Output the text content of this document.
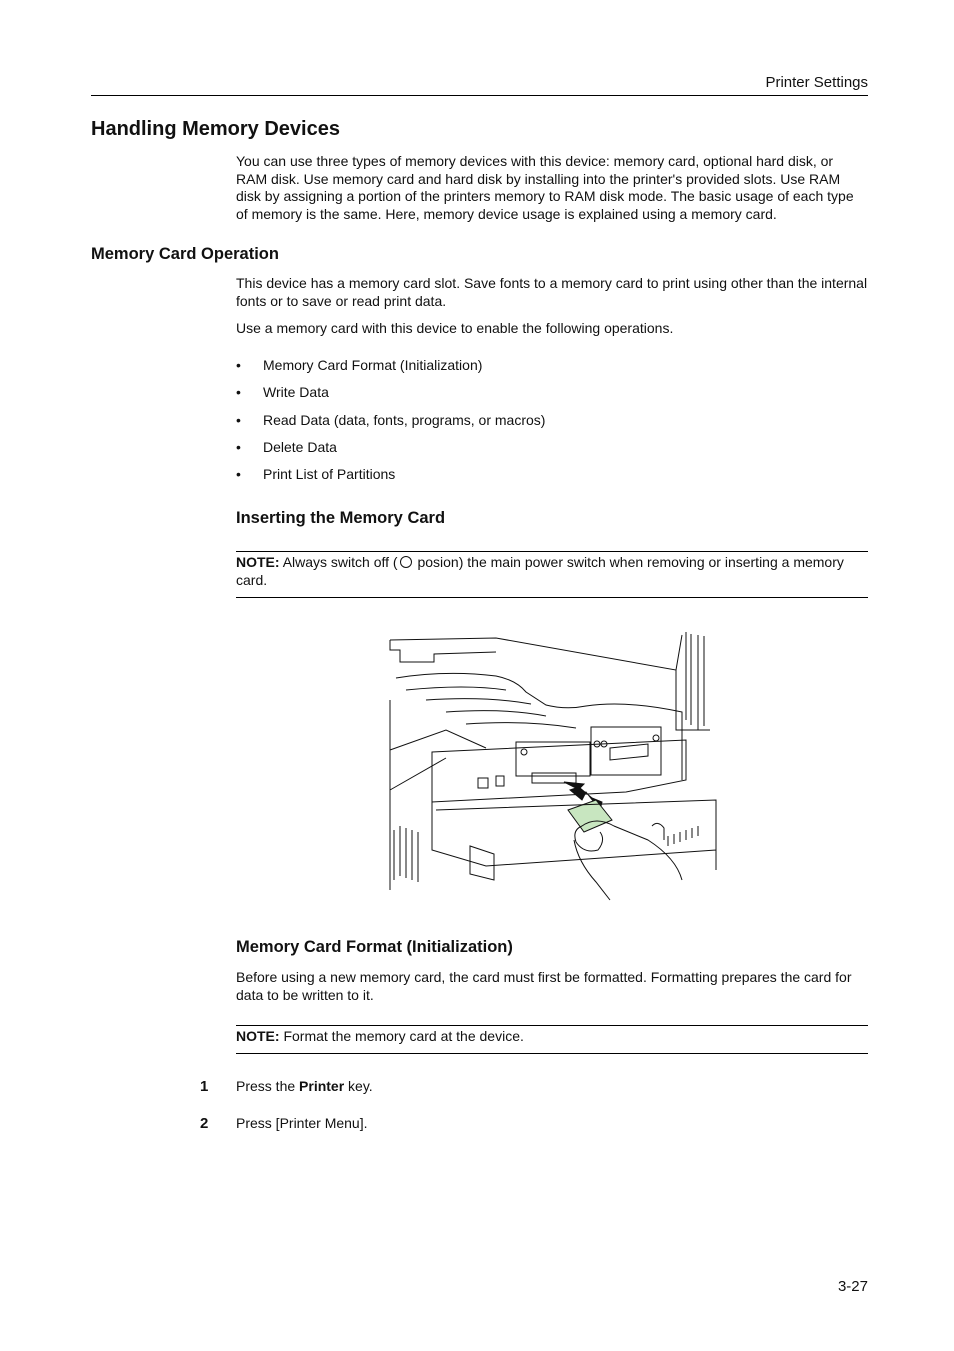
Printer Settings
Handling Memory Devices

You can use three types of memory devices with this device: memory card, optional hard disk, or RAM disk. Use memory card and hard disk by installing into the printer's provided slots. Use RAM disk by assigning a portion of the printers memory to RAM disk mode. The basic usage of each type of memory is the same. Here, memory device usage is explained using a memory card.

Memory Card Operation

This device has a memory card slot. Save fonts to a memory card to print using other than the internal fonts or to save or read print data.

Use a memory card with this device to enable the following operations.

• Memory Card Format (Initialization)
• Write Data
• Read Data (data, fonts, programs, or macros)
• Delete Data
• Print List of Partitions
Inserting the Memory Card
NOTE: Always switch off ( posion) the main power switch when removing or inserting a memory card.
Memory Card Format (Initialization)

Before using a new memory card, the card must first be formatted. Formatting prepares the card for data to be written to it.

NOTE: Format the memory card at the device.
1 Press the Printer key.
2 Press [Printer Menu].
3-27
